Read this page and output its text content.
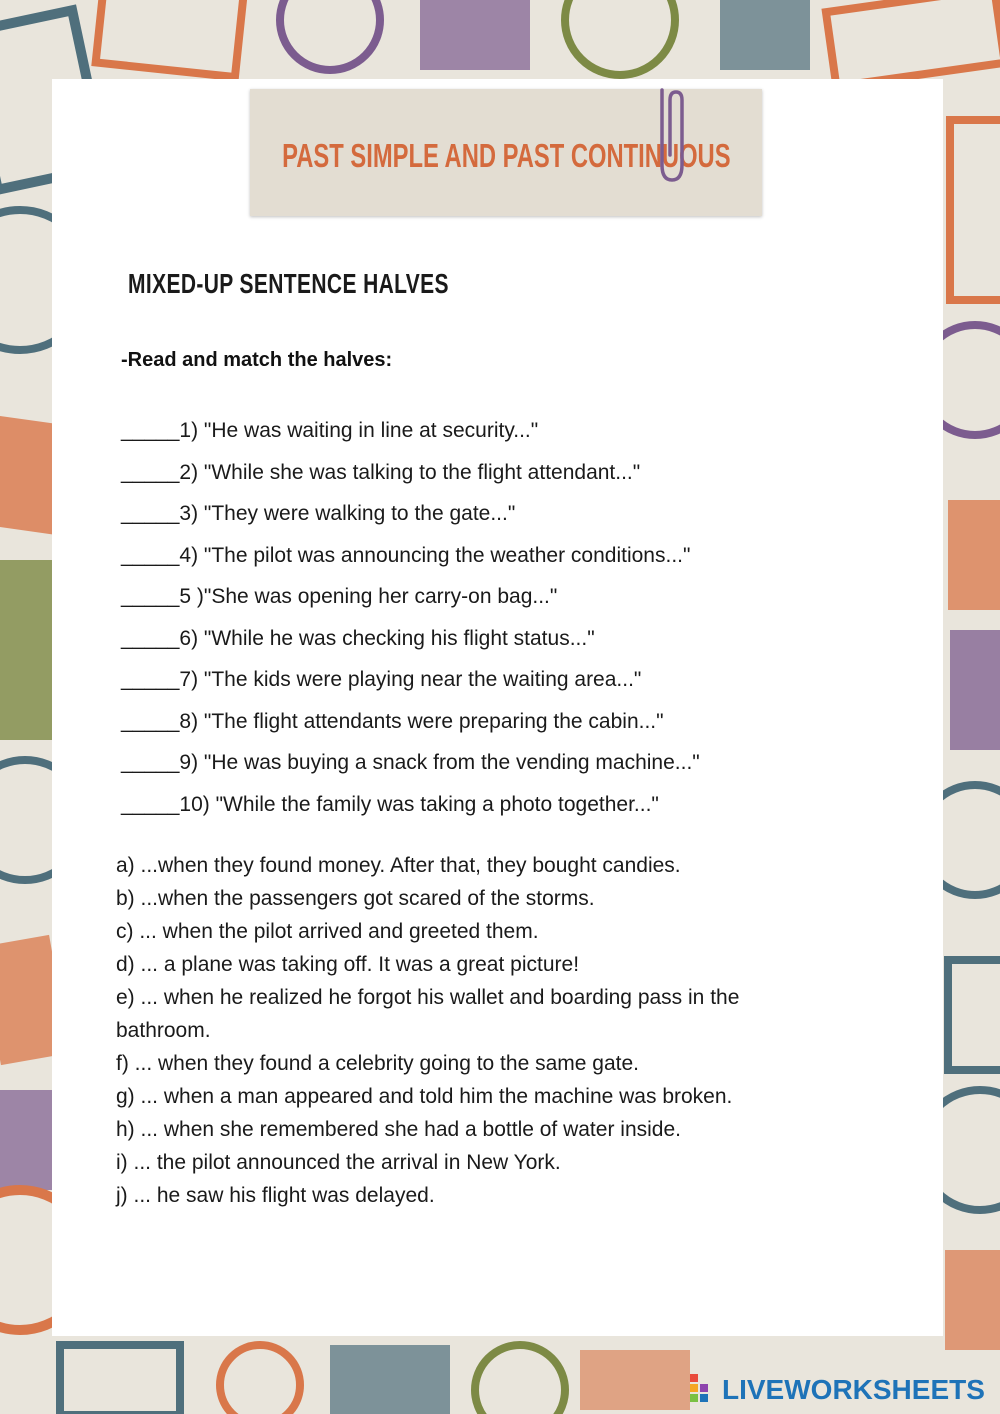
PAST SIMPLE AND PAST CONTINUOUS
MIXED-UP SENTENCE HALVES
-Read and match the halves:
_____1) "He was waiting in line at security..."
_____2) "While she was talking to the flight attendant..."
_____3) "They were walking to the gate..."
_____4) "The pilot was announcing the weather conditions..."
_____5 )"She was opening her carry-on bag..."
_____6) "While he was checking his flight status..."
_____7) "The kids were playing near the waiting area..."
_____8) "The flight attendants were preparing the cabin..."
_____9) "He was buying a snack from the vending machine..."
_____10) "While the family was taking a photo together..."
a) ...when they found money. After that, they bought candies.
b) ...when the passengers got scared of the storms.
c) ... when the pilot arrived and greeted them.
d) ... a plane was taking off. It was a great picture!
e) ... when he realized he forgot his wallet and boarding pass in the bathroom.
f) ... when they found a celebrity going to the same gate.
g) ... when a man appeared and told him the machine was broken.
h) ... when she remembered she had a bottle of water inside.
i) ... the pilot announced the arrival in New York.
j) ... he saw his flight was delayed.
LIVEWORKSHEETS
